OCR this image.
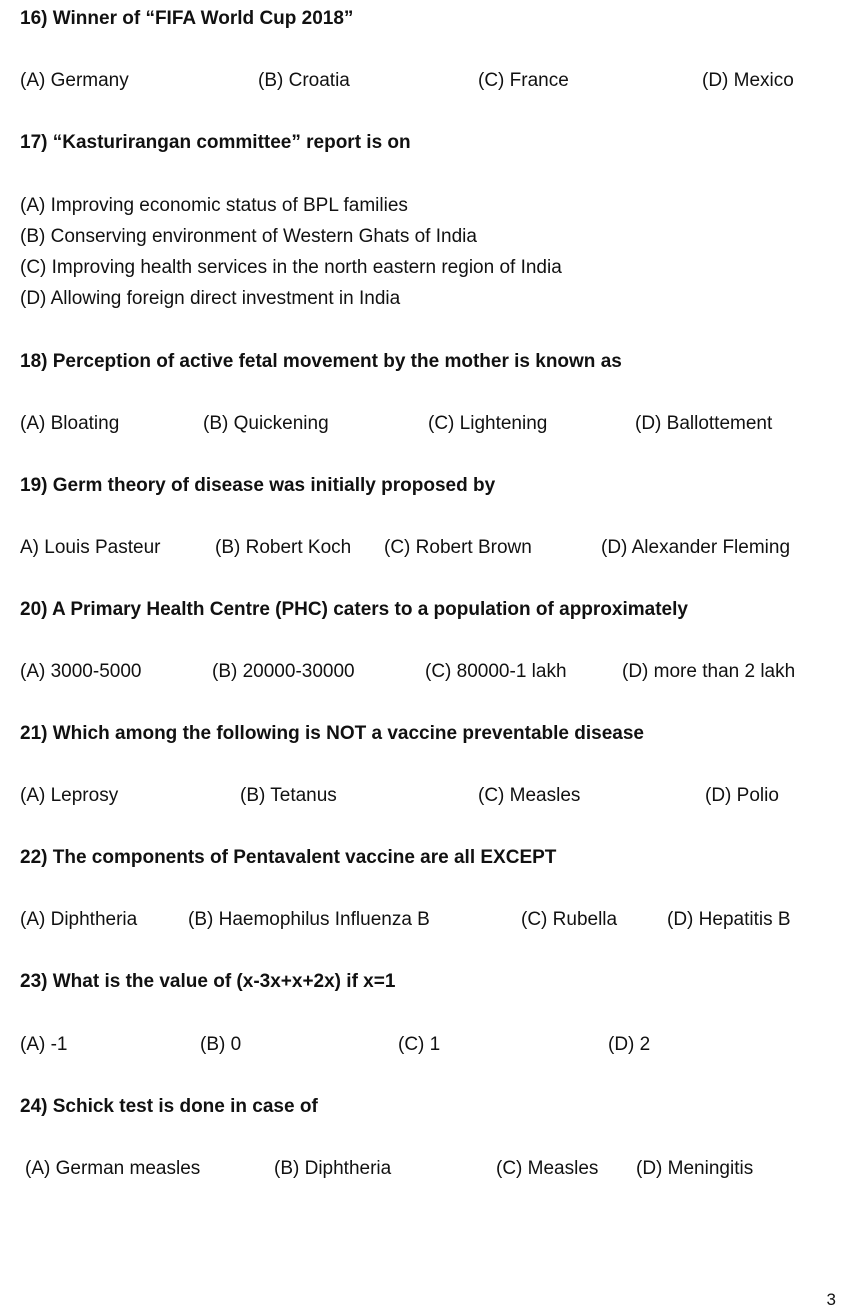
16) Winner of “FIFA World Cup 2018”
(A) Germany	(B) Croatia	(C) France	(D) Mexico
17) “Kasturirangan committee” report is on
(A) Improving economic status of BPL families
(B) Conserving environment of Western Ghats of India
(C) Improving health services in the north eastern region of India
(D) Allowing foreign direct investment in India
18) Perception of active fetal movement by the mother is known as
(A) Bloating	(B) Quickening	(C) Lightening	(D) Ballottement
19) Germ theory of disease was initially proposed by
A) Louis Pasteur	(B) Robert Koch (C) Robert Brown	(D) Alexander Fleming
20) A Primary Health Centre (PHC) caters to a population of approximately
(A) 3000-5000	(B) 20000-30000	(C) 80000-1 lakh	(D) more than 2 lakh
21) Which among the following is NOT a vaccine preventable disease
(A) Leprosy	(B) Tetanus	(C) Measles	(D) Polio
22) The components of Pentavalent vaccine are all EXCEPT
(A) Diphtheria	(B) Haemophilus Influenza B	(C) Rubella	(D) Hepatitis B
23) What is the value of (x-3x+x+2x) if x=1
(A) -1	(B) 0	(C) 1	(D) 2
24) Schick test is done in case of
(A) German measles	(B) Diphtheria	(C) Measles (D) Meningitis
3
